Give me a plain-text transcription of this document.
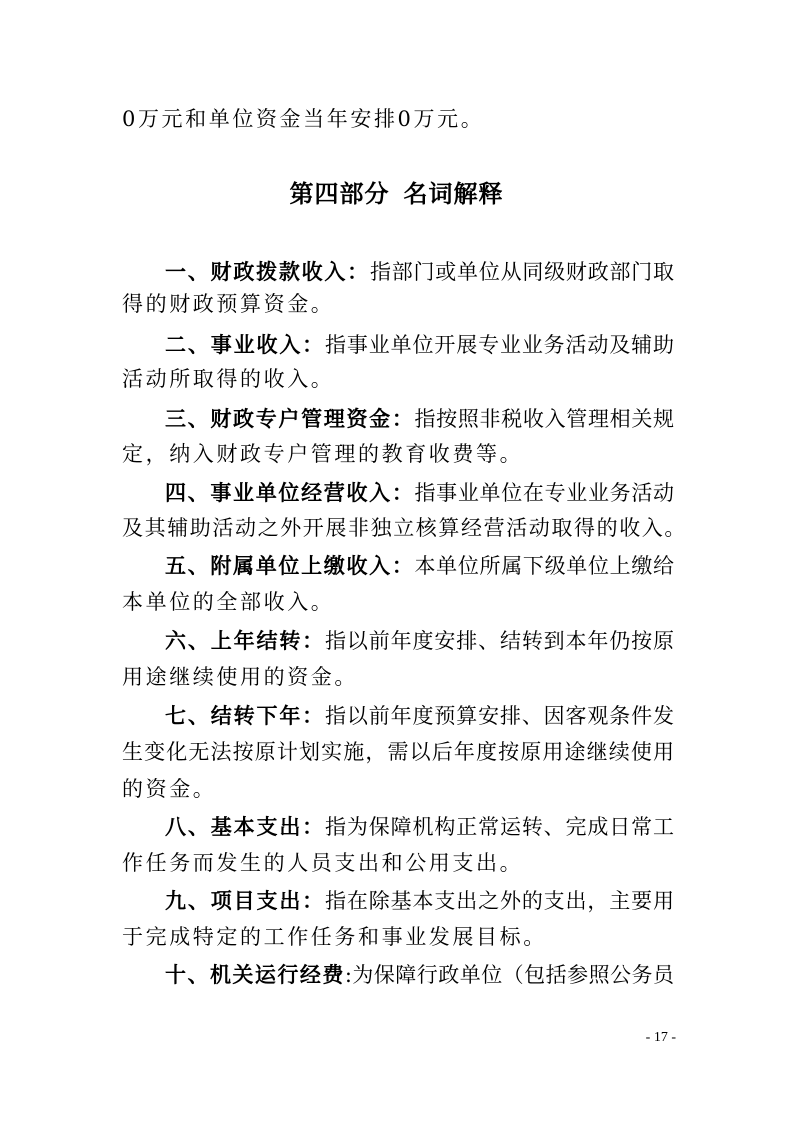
0万元和单位资金当年安排0万元。
第四部分 名词解释
一、财政拨款收入：指部门或单位从同级财政部门取
得的财政预算资金。
二、事业收入：指事业单位开展专业业务活动及辅助
活动所取得的收入。
三、财政专户管理资金：指按照非税收入管理相关规
定，纳入财政专户管理的教育收费等。
四、事业单位经营收入：指事业单位在专业业务活动
及其辅助活动之外开展非独立核算经营活动取得的收入。
五、附属单位上缴收入：本单位所属下级单位上缴给
本单位的全部收入。
六、上年结转：指以前年度安排、结转到本年仍按原
用途继续使用的资金。
七、结转下年：指以前年度预算安排、因客观条件发
生变化无法按原计划实施，需以后年度按原用途继续使用
的资金。
八、基本支出：指为保障机构正常运转、完成日常工
作任务而发生的人员支出和公用支出。
九、项目支出：指在除基本支出之外的支出，主要用
于完成特定的工作任务和事业发展目标。
十、机关运行经费:为保障行政单位（包括参照公务员
- 17 -
